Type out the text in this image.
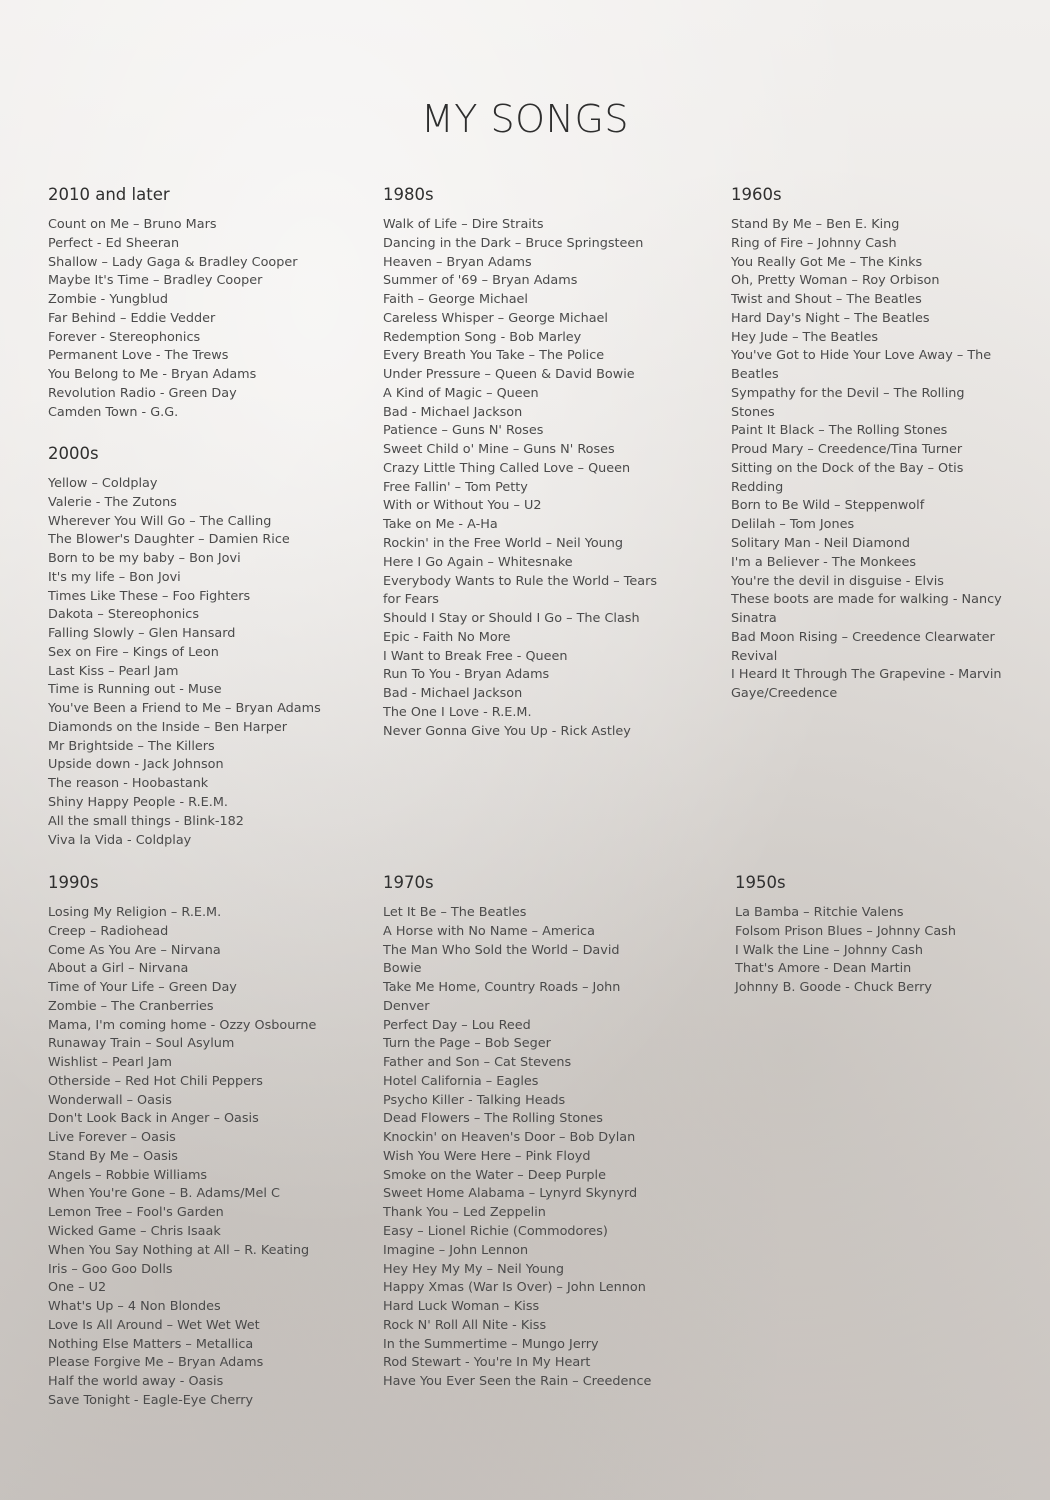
MY SONGS
2010 and later
Count on Me – Bruno Mars
Perfect - Ed Sheeran
Shallow – Lady Gaga & Bradley Cooper
Maybe It's Time – Bradley Cooper
Zombie - Yungblud
Far Behind – Eddie Vedder
Forever - Stereophonics
Permanent Love - The Trews
You Belong to Me - Bryan Adams
Revolution Radio - Green Day
Camden Town - G.G.
2000s
Yellow – Coldplay
Valerie - The Zutons
Wherever You Will Go – The Calling
The Blower's Daughter – Damien Rice
Born to be my baby – Bon Jovi
It's my life – Bon Jovi
Times Like These – Foo Fighters
Dakota – Stereophonics
Falling Slowly – Glen Hansard
Sex on Fire – Kings of Leon
Last Kiss – Pearl Jam
Time is Running out - Muse
You've Been a Friend to Me – Bryan Adams
Diamonds on the Inside – Ben Harper
Mr Brightside – The Killers
Upside down - Jack Johnson
The reason - Hoobastank
Shiny Happy People - R.E.M.
All the small things - Blink-182
Viva la Vida - Coldplay
1990s
Losing My Religion – R.E.M.
Creep – Radiohead
Come As You Are – Nirvana
About a Girl – Nirvana
Time of Your Life – Green Day
Zombie – The Cranberries
Mama, I'm coming home - Ozzy Osbourne
Runaway Train – Soul Asylum
Wishlist – Pearl Jam
Otherside – Red Hot Chili Peppers
Wonderwall – Oasis
Don't Look Back in Anger – Oasis
Live Forever – Oasis
Stand By Me – Oasis
Angels – Robbie Williams
When You're Gone – B. Adams/Mel C
Lemon Tree – Fool's Garden
Wicked Game – Chris Isaak
When You Say Nothing at All – R. Keating
Iris – Goo Goo Dolls
One – U2
What's Up – 4 Non Blondes
Love Is All Around – Wet Wet Wet
Nothing Else Matters – Metallica
Please Forgive Me – Bryan Adams
Half the world away - Oasis
Save Tonight - Eagle-Eye Cherry
1980s
Walk of Life – Dire Straits
Dancing in the Dark – Bruce Springsteen
Heaven – Bryan Adams
Summer of '69 – Bryan Adams
Faith – George Michael
Careless Whisper – George Michael
Redemption Song - Bob Marley
Every Breath You Take – The Police
Under Pressure – Queen & David Bowie
A Kind of Magic – Queen
Bad - Michael Jackson
Patience – Guns N' Roses
Sweet Child o' Mine – Guns N' Roses
Crazy Little Thing Called Love – Queen
Free Fallin' – Tom Petty
With or Without You – U2
Take on Me - A-Ha
Rockin' in the Free World – Neil Young
Here I Go Again – Whitesnake
Everybody Wants to Rule the World – Tears for Fears
Should I Stay or Should I Go – The Clash
Epic - Faith No More
I Want to Break Free - Queen
Run To You - Bryan Adams
Bad - Michael Jackson
The One I Love - R.E.M.
Never Gonna Give You Up - Rick Astley
1970s
Let It Be – The Beatles
A Horse with No Name – America
The Man Who Sold the World – David Bowie
Take Me Home, Country Roads – John Denver
Perfect Day – Lou Reed
Turn the Page – Bob Seger
Father and Son – Cat Stevens
Hotel California – Eagles
Psycho Killer - Talking Heads
Dead Flowers – The Rolling Stones
Knockin' on Heaven's Door – Bob Dylan
Wish You Were Here – Pink Floyd
Smoke on the Water – Deep Purple
Sweet Home Alabama – Lynyrd Skynyrd
Thank You – Led Zeppelin
Easy – Lionel Richie (Commodores)
Imagine – John Lennon
Hey Hey My My – Neil Young
Happy Xmas (War Is Over) – John Lennon
Hard Luck Woman – Kiss
Rock N' Roll All Nite - Kiss
In the Summertime – Mungo Jerry
Rod Stewart - You're In My Heart
Have You Ever Seen the Rain – Creedence
1960s
Stand By Me – Ben E. King
Ring of Fire – Johnny Cash
You Really Got Me – The Kinks
Oh, Pretty Woman – Roy Orbison
Twist and Shout – The Beatles
Hard Day's Night – The Beatles
Hey Jude – The Beatles
You've Got to Hide Your Love Away – The Beatles
Sympathy for the Devil – The Rolling Stones
Paint It Black – The Rolling Stones
Proud Mary – Creedence/Tina Turner
Sitting on the Dock of the Bay – Otis Redding
Born to Be Wild – Steppenwolf
Delilah – Tom Jones
Solitary Man - Neil Diamond
I'm a Believer - The Monkees
You're the devil in disguise - Elvis
These boots are made for walking - Nancy Sinatra
Bad Moon Rising – Creedence Clearwater Revival
I Heard It Through The Grapevine - Marvin Gaye/Creedence
1950s
La Bamba – Ritchie Valens
Folsom Prison Blues – Johnny Cash
I Walk the Line – Johnny Cash
That's Amore - Dean Martin
Johnny B. Goode - Chuck Berry
